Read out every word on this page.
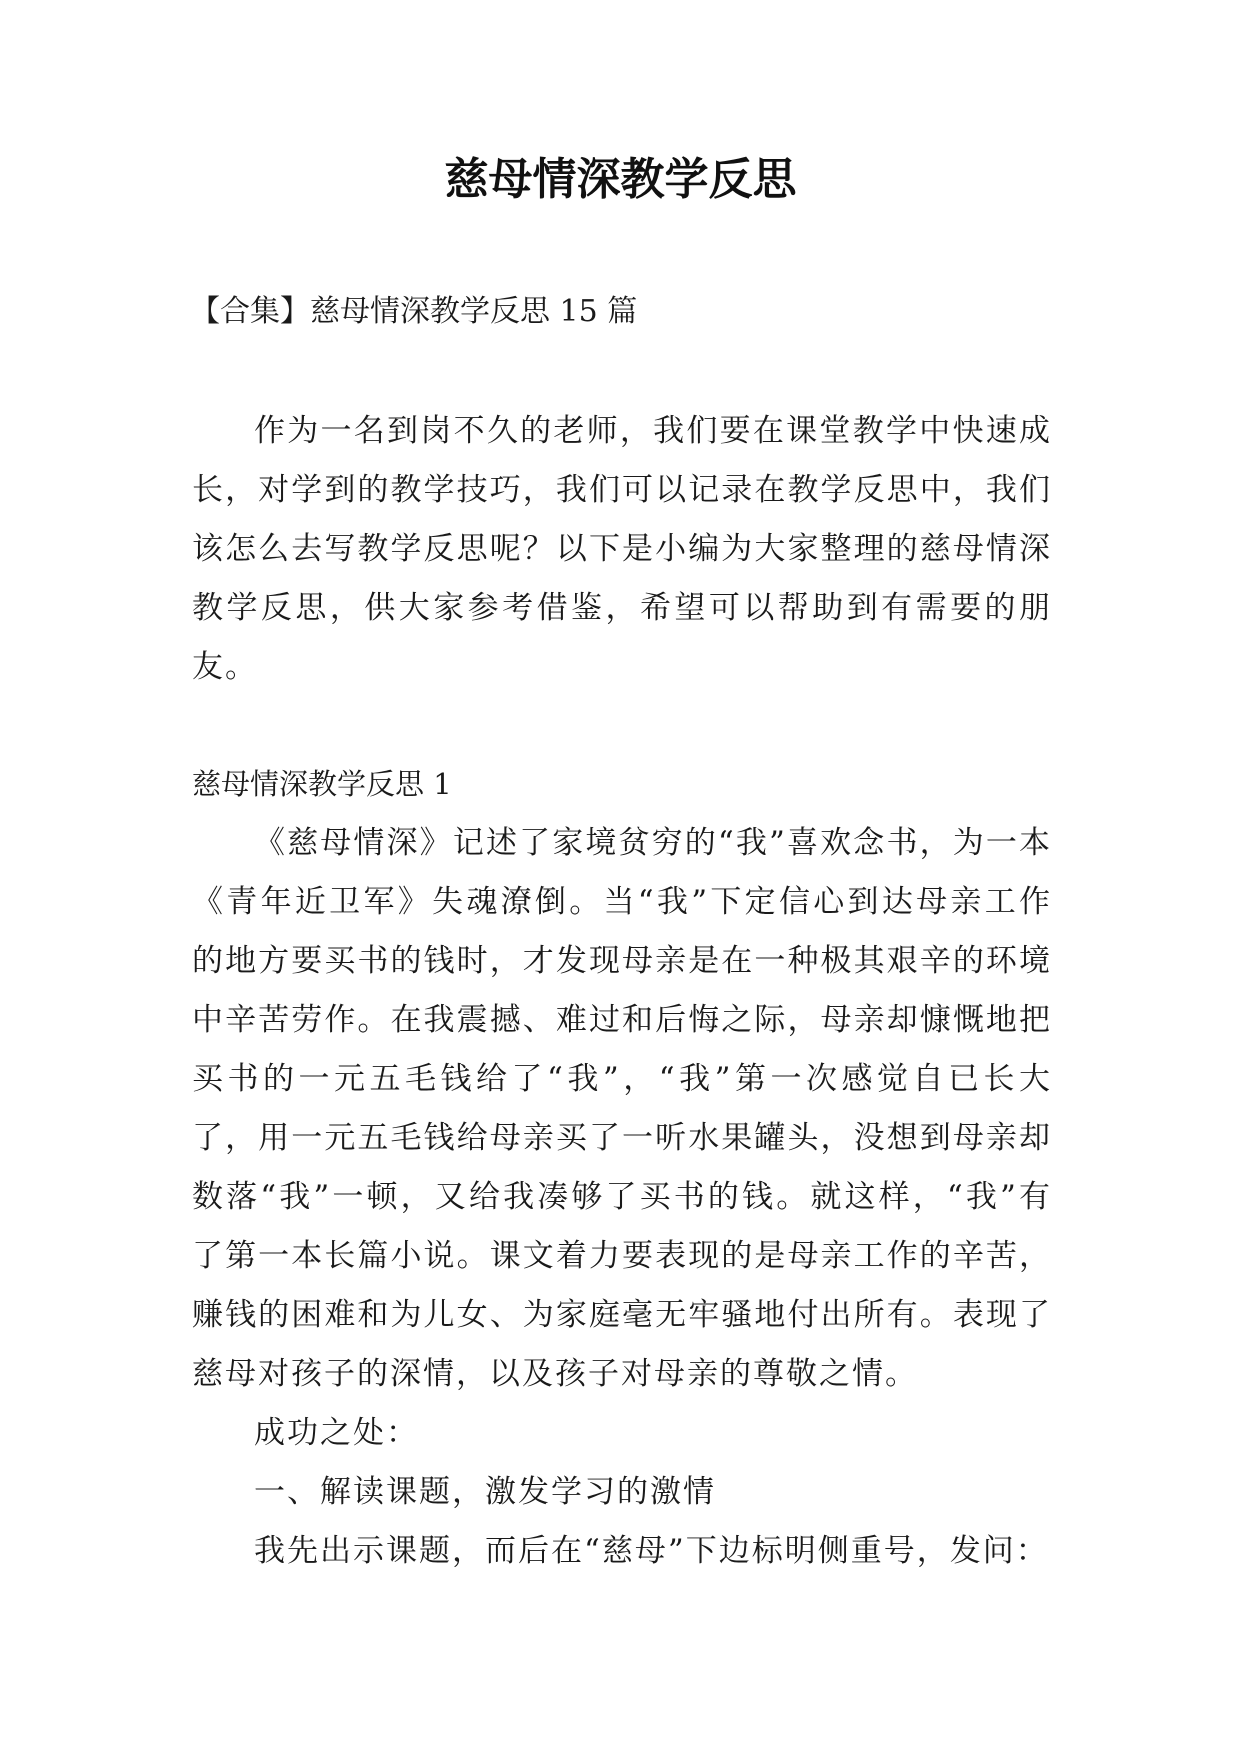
慈母情深教学反思

【合集】慈母情深教学反思 15 篇

作为一名到岗不久的老师，我们要在课堂教学中快速成长，对学到的教学技巧，我们可以记录在教学反思中，我们该怎么去写教学反思呢？以下是小编为大家整理的慈母情深教学反思，供大家参考借鉴，希望可以帮助到有需要的朋友。

慈母情深教学反思 1

《慈母情深》记述了家境贫穷的“我”喜欢念书，为一本《青年近卫军》失魂潦倒。当“我”下定信心到达母亲工作的地方要买书的钱时，才发现母亲是在一种极其艰辛的环境中辛苦劳作。在我震撼、难过和后悔之际，母亲却慷慨地把买书的一元五毛钱给了“我”，“我”第一次感觉自已长大了，用一元五毛钱给母亲买了一听水果罐头，没想到母亲却数落“我”一顿，又给我凑够了买书的钱。就这样，“我”有了第一本长篇小说。课文着力要表现的是母亲工作的辛苦，赚钱的困难和为儿女、为家庭毫无牢骚地付出所有。表现了慈母对孩子的深情，以及孩子对母亲的尊敬之情。

成功之处：

一、解读课题，激发学习的激情

我先出示课题，而后在“慈母”下边标明侧重号，发问：
